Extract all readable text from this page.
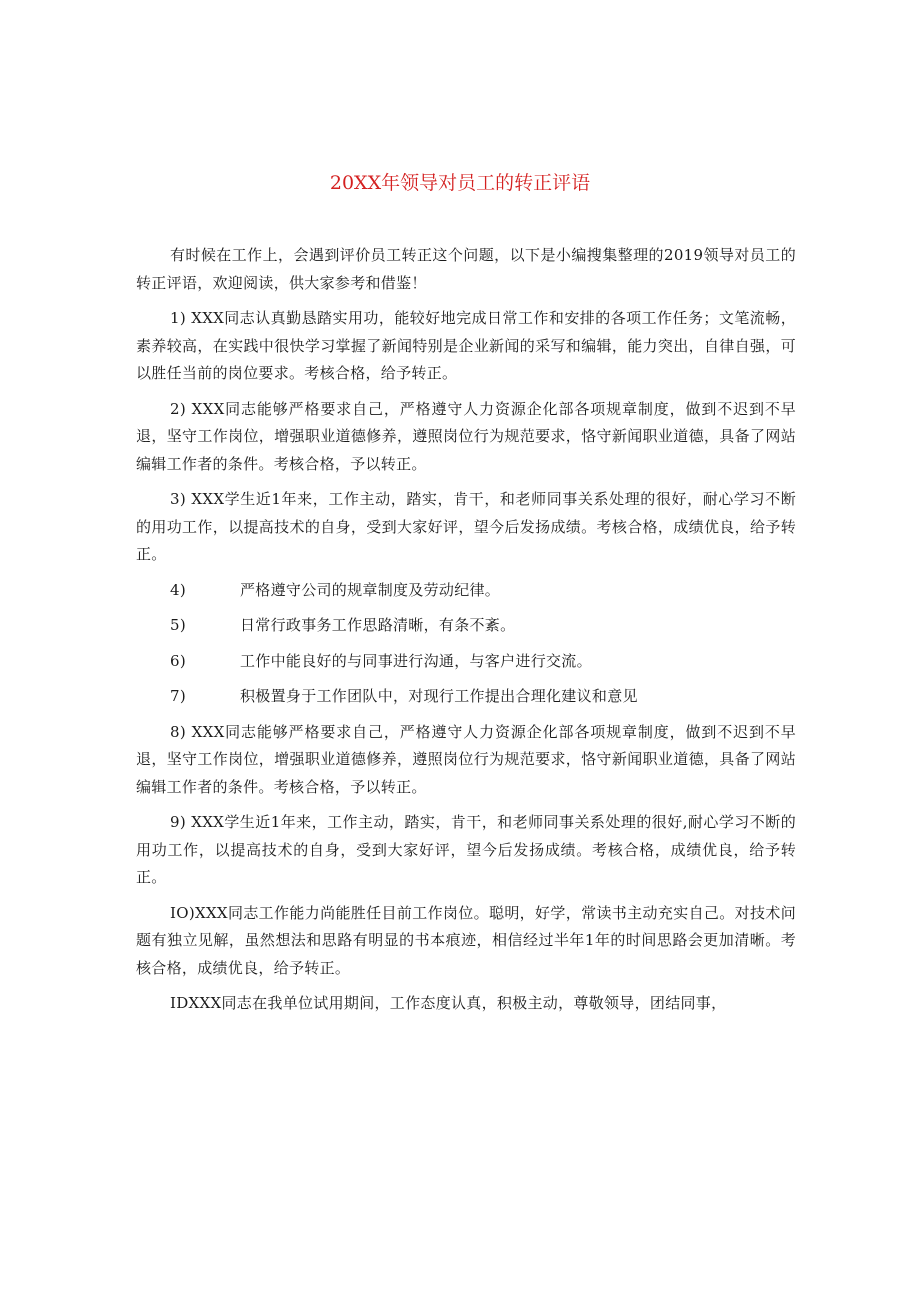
20XX年领导对员工的转正评语

有时候在工作上，会遇到评价员工转正这个问题，以下是小编搜集整理的2019领导对员工的转正评语，欢迎阅读，供大家参考和借鉴！

1) XXX同志认真勤恳踏实用功，能较好地完成日常工作和安排的各项工作任务；文笔流畅，素养较高，在实践中很快学习掌握了新闻特别是企业新闻的采写和编辑，能力突出，自律自强，可以胜任当前的岗位要求。考核合格，给予转正。

2) XXX同志能够严格要求自己，严格遵守人力资源企化部各项规章制度，做到不迟到不早退，坚守工作岗位，增强职业道德修养，遵照岗位行为规范要求，恪守新闻职业道德，具备了网站编辑工作者的条件。考核合格，予以转正。

3) XXX学生近1年来，工作主动，踏实，肯干，和老师同事关系处理的很好，耐心学习不断的用功工作，以提高技术的自身，受到大家好评，望今后发扬成绩。考核合格，成绩优良，给予转正。

4)	严格遵守公司的规章制度及劳动纪律。
5)	日常行政事务工作思路清晰，有条不紊。
6)	工作中能良好的与同事进行沟通，与客户进行交流。
7)	积极置身于工作团队中，对现行工作提出合理化建议和意见

8) XXX同志能够严格要求自己，严格遵守人力资源企化部各项规章制度，做到不迟到不早退，坚守工作岗位，增强职业道德修养，遵照岗位行为规范要求，恪守新闻职业道德，具备了网站编辑工作者的条件。考核合格，予以转正。

9) XXX学生近1年来，工作主动，踏实，肯干，和老师同事关系处理的很好,耐心学习不断的用功工作，以提高技术的自身，受到大家好评，望今后发扬成绩。考核合格，成绩优良，给予转正。

IO)XXX同志工作能力尚能胜任目前工作岗位。聪明，好学，常读书主动充实自己。对技术问题有独立见解，虽然想法和思路有明显的书本痕迹，相信经过半年1年的时间思路会更加清晰。考核合格，成绩优良，给予转正。

IDXXX同志在我单位试用期间，工作态度认真，积极主动，尊敬领导，团结同事，
